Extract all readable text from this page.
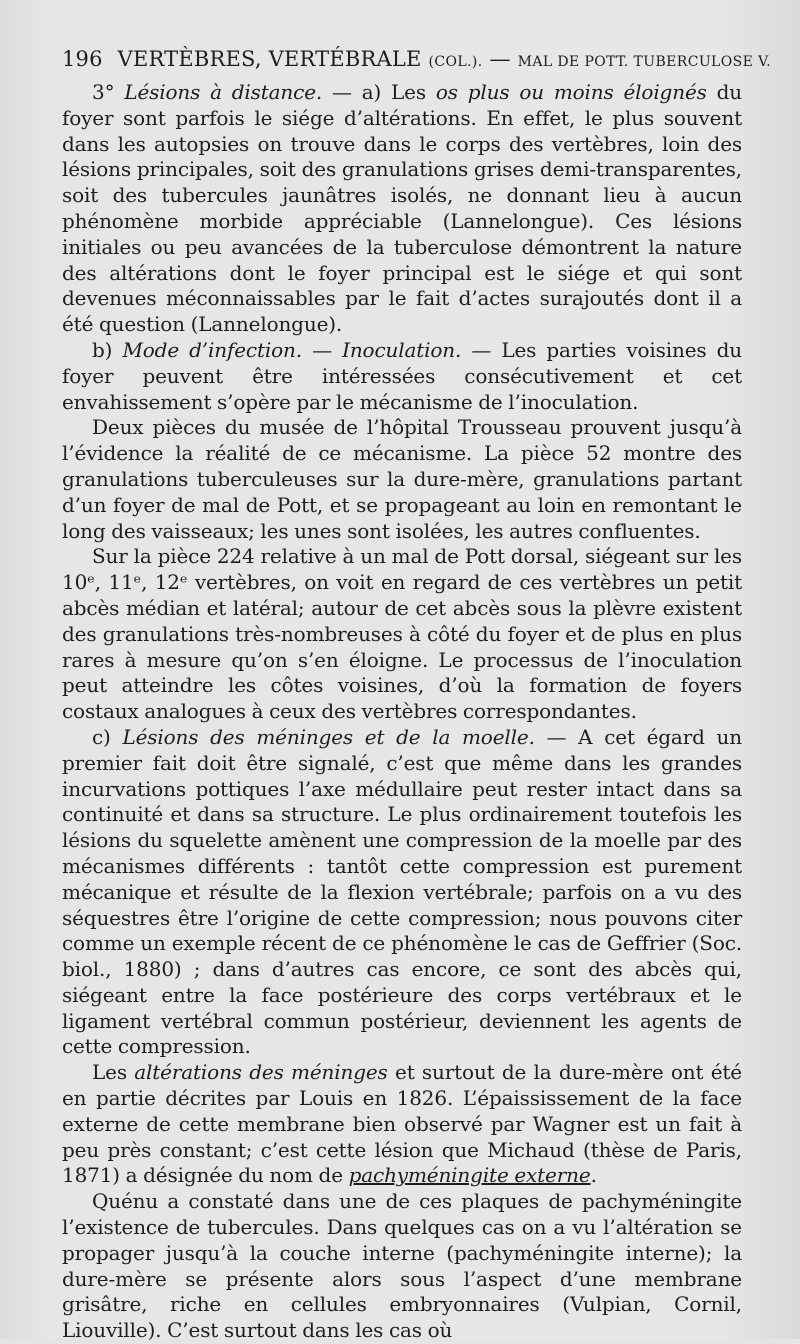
196 VERTÈBRES, VERTÉBRALE (COL.). — MAL DE POTT. TUBERCULOSE V.

3° Lésions à distance. — a) Les os plus ou moins éloignés du foyer sont parfois le siége d’altérations. En effet, le plus souvent dans les autopsies on trouve dans le corps des vertèbres, loin des lésions principales, soit des granulations grises demi-transparentes, soit des tubercules jaunâtres isolés, ne donnant lieu à aucun phénomène morbide appréciable (Lannelongue). Ces lésions initiales ou peu avancées de la tuberculose démontrent la nature des altérations dont le foyer principal est le siége et qui sont devenues méconnaissables par le fait d’actes surajoutés dont il a été question (Lannelongue).

b) Mode d’infection. — Inoculation. — Les parties voisines du foyer peuvent être intéressées consécutivement et cet envahissement s’opère par le mécanisme de l’inoculation.

Deux pièces du musée de l’hôpital Trousseau prouvent jusqu’à l’évidence la réalité de ce mécanisme. La pièce 52 montre des granulations tuberculeuses sur la dure-mère, granulations partant d’un foyer de mal de Pott, et se propageant au loin en remontant le long des vaisseaux; les unes sont isolées, les autres confluentes.

Sur la pièce 224 relative à un mal de Pott dorsal, siégeant sur les 10ᵉ, 11ᵉ, 12ᵉ vertèbres, on voit en regard de ces vertèbres un petit abcès médian et latéral; autour de cet abcès sous la plèvre existent des granulations très-nombreuses à côté du foyer et de plus en plus rares à mesure qu’on s’en éloigne. Le processus de l’inoculation peut atteindre les côtes voisines, d’où la formation de foyers costaux analogues à ceux des vertèbres correspondantes.

c) Lésions des méninges et de la moelle. — A cet égard un premier fait doit être signalé, c’est que même dans les grandes incurvations pottiques l’axe médullaire peut rester intact dans sa continuité et dans sa structure. Le plus ordinairement toutefois les lésions du squelette amènent une compression de la moelle par des mécanismes différents : tantôt cette compression est purement mécanique et résulte de la flexion vertébrale; parfois on a vu des séquestres être l’origine de cette compression; nous pouvons citer comme un exemple récent de ce phénomène le cas de Geffrier (Soc. biol., 1880) ; dans d’autres cas encore, ce sont des abcès qui, siégeant entre la face postérieure des corps vertébraux et le ligament vertébral commun postérieur, deviennent les agents de cette compression.

Les altérations des méninges et surtout de la dure-mère ont été en partie décrites par Louis en 1826. L’épaississement de la face externe de cette membrane bien observé par Wagner est un fait à peu près constant; c’est cette lésion que Michaud (thèse de Paris, 1871) a désignée du nom de pachyméningite externe.

Quénu a constaté dans une de ces plaques de pachyméningite l’existence de tubercules. Dans quelques cas on a vu l’altération se propager jusqu’à la couche interne (pachyméningite interne); la dure-mère se présente alors sous l’aspect d’une membrane grisâtre, riche en cellules embryonnaires (Vulpian, Cornil, Liouville). C’est surtout dans les cas où
